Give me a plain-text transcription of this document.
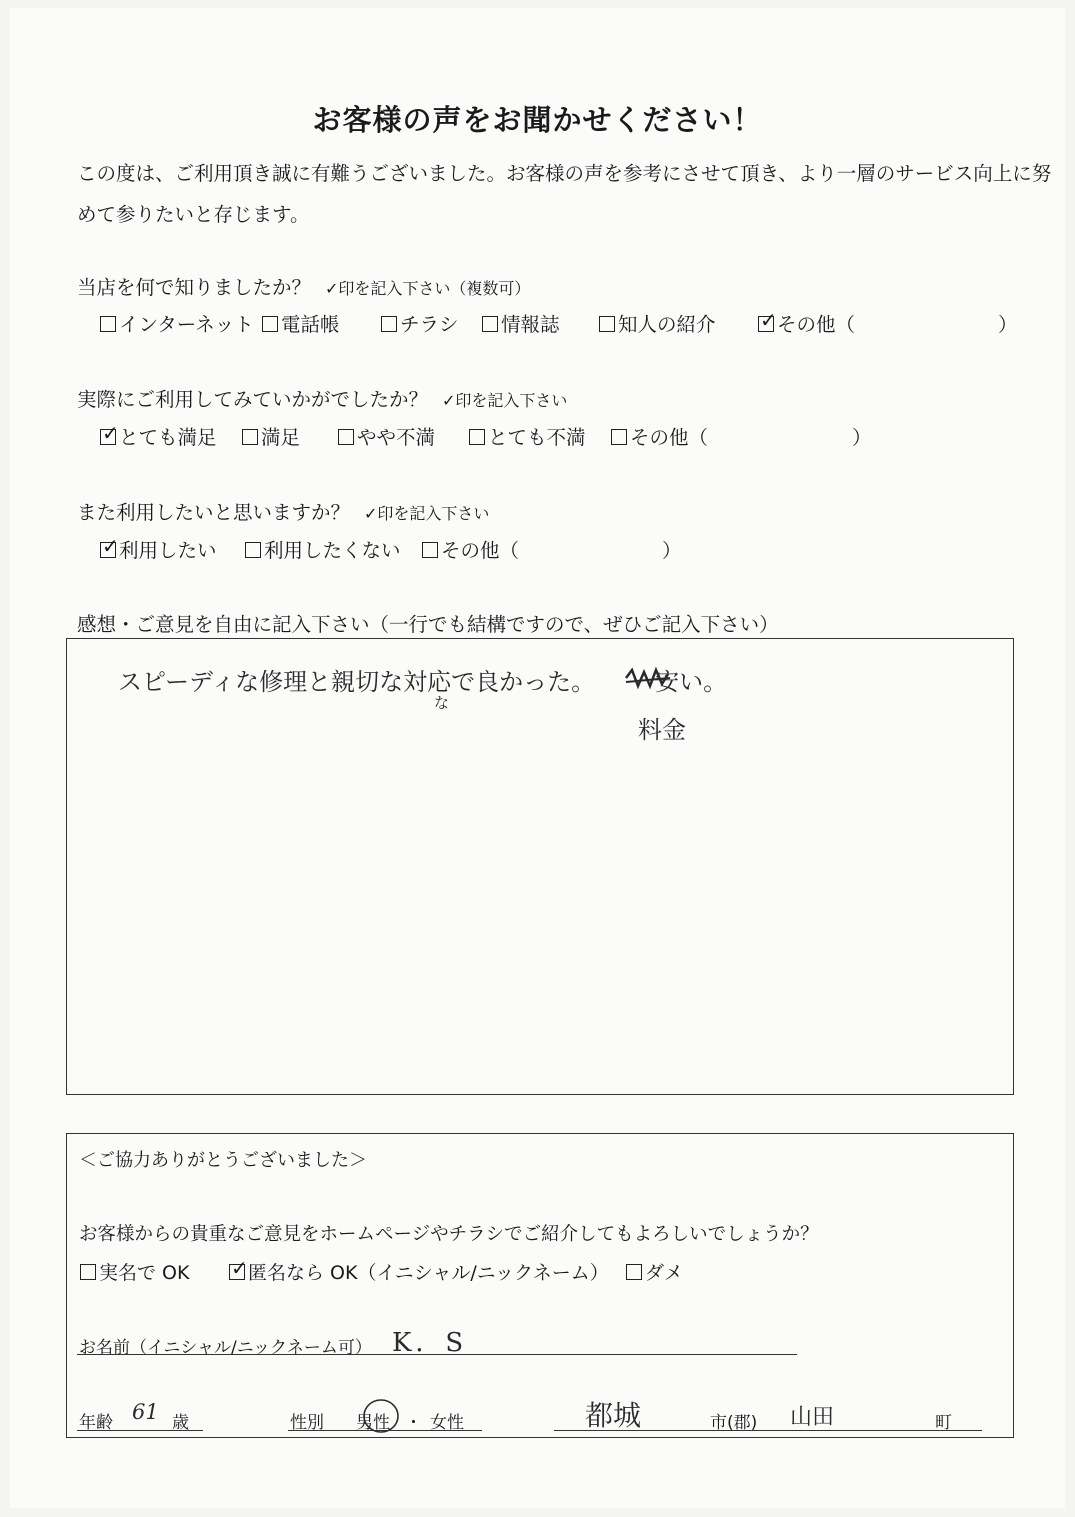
お客様の声をお聞かせください！
この度は、ご利用頂き誠に有難うございました。お客様の声を参考にさせて頂き、より一層のサービス向上に努
めて参りたいと存じます。
当店を何で知りましたか？ ✓印を記入下さい（複数可）
インターネット	電話帳	チラシ	情報誌	知人の紹介 ✓	その他（	）
実際にご利用してみていかがでしたか？ ✓印を記入下さい
✓とても満足	満足	やや不満	とても不満	その他（	）
また利用したいと思いますか？ ✓印を記入下さい
✓利用したい	利用したくない	その他（	）
感想・ご意見を自由に記入下さい（一行でも結構ですので、ぜひご記入下さい）
スピーディな修理と親切な対応で良かった。　　　安い。
な
料金
＜ご協力ありがとうございました＞
お客様からの貴重なご意見をホームページやチラシでご紹介してもよろしいでしょうか？
実名で OK ✓	匿名なら OK（イニシャル/ニックネーム）	ダメ
お名前（イニシャル/ニックネーム可） K．S
年齢 61 歳	性別 男性 ・ 女性	都城	市(郡) 山田	町
